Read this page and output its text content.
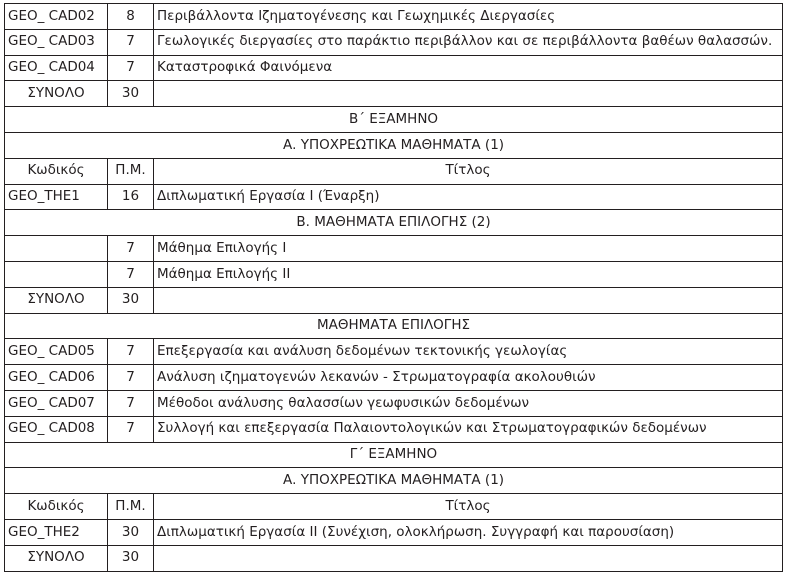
GEO_ CAD02	8	Περιβάλλοντα Ιζηματογένεσης και Γεωχημικές Διεργασίες
GEO_ CAD03	7	Γεωλογικές διεργασίες στο παράκτιο περιβάλλον και σε περιβάλλοντα βαθέων θαλασσών.
GEO_ CAD04	7	Καταστροφικά Φαινόμενα
ΣΥΝΟΛΟ	30	
Β΄ ΕΞΑΜΗΝΟ		
Α. ΥΠΟΧΡΕΩΤΙΚΑ ΜΑΘΗΜΑΤΑ (1)		
Κωδικός	Π.Μ.	Τίτλος
GEO_THE1	16	Διπλωματική Εργασία Ι (Έναρξη)
Β. ΜΑΘΗΜΑΤΑ ΕΠΙΛΟΓΗΣ (2)		
	7	Μάθημα Επιλογής Ι
	7	Μάθημα Επιλογής ΙΙ
ΣΥΝΟΛΟ	30	
ΜΑΘΗΜΑΤΑ ΕΠΙΛΟΓΗΣ		
GEO_ CAD05	7	Επεξεργασία και ανάλυση δεδομένων τεκτονικής γεωλογίας
GEO_ CAD06	7	Ανάλυση ιζηματογενών λεκανών - Στρωματογραφία ακολουθιών
GEO_ CAD07	7	Μέθοδοι ανάλυσης θαλασσίων γεωφυσικών δεδομένων
GEO_ CAD08	7	Συλλογή και επεξεργασία Παλαιοντολογικών και Στρωματογραφικών δεδομένων
Γ΄ ΕΞΑΜΗΝΟ		
Α. ΥΠΟΧΡΕΩΤΙΚΑ ΜΑΘΗΜΑΤΑ (1)		
Κωδικός	Π.Μ.	Τίτλος
GEO_THE2	30	Διπλωματική Εργασία ΙΙ (Συνέχιση, ολοκλήρωση. Συγγραφή και παρουσίαση)
ΣΥΝΟΛΟ	30	
